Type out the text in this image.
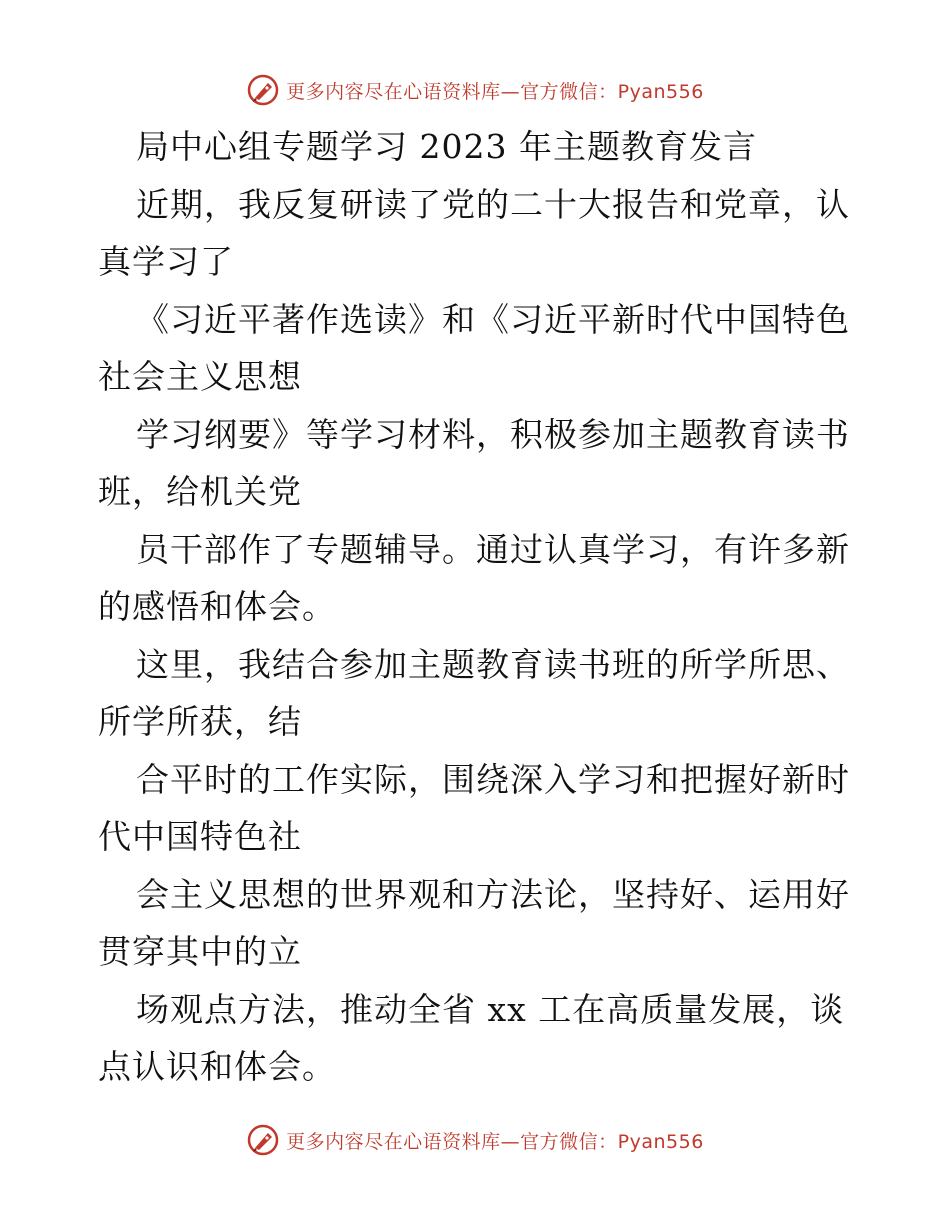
更多内容尽在心语资料库—官方微信：Pyan556
局中心组专题学习 2023 年主题教育发言
近期，我反复研读了党的二十大报告和党章，认
真学习了
《习近平著作选读》和《习近平新时代中国特色
社会主义思想
学习纲要》等学习材料，积极参加主题教育读书
班，给机关党
员干部作了专题辅导。通过认真学习，有许多新
的感悟和体会。
这里，我结合参加主题教育读书班的所学所思、
所学所获，结
合平时的工作实际，围绕深入学习和把握好新时
代中国特色社
会主义思想的世界观和方法论，坚持好、运用好
贯穿其中的立
场观点方法，推动全省 xx 工在高质量发展，谈
点认识和体会。
更多内容尽在心语资料库—官方微信：Pyan556
